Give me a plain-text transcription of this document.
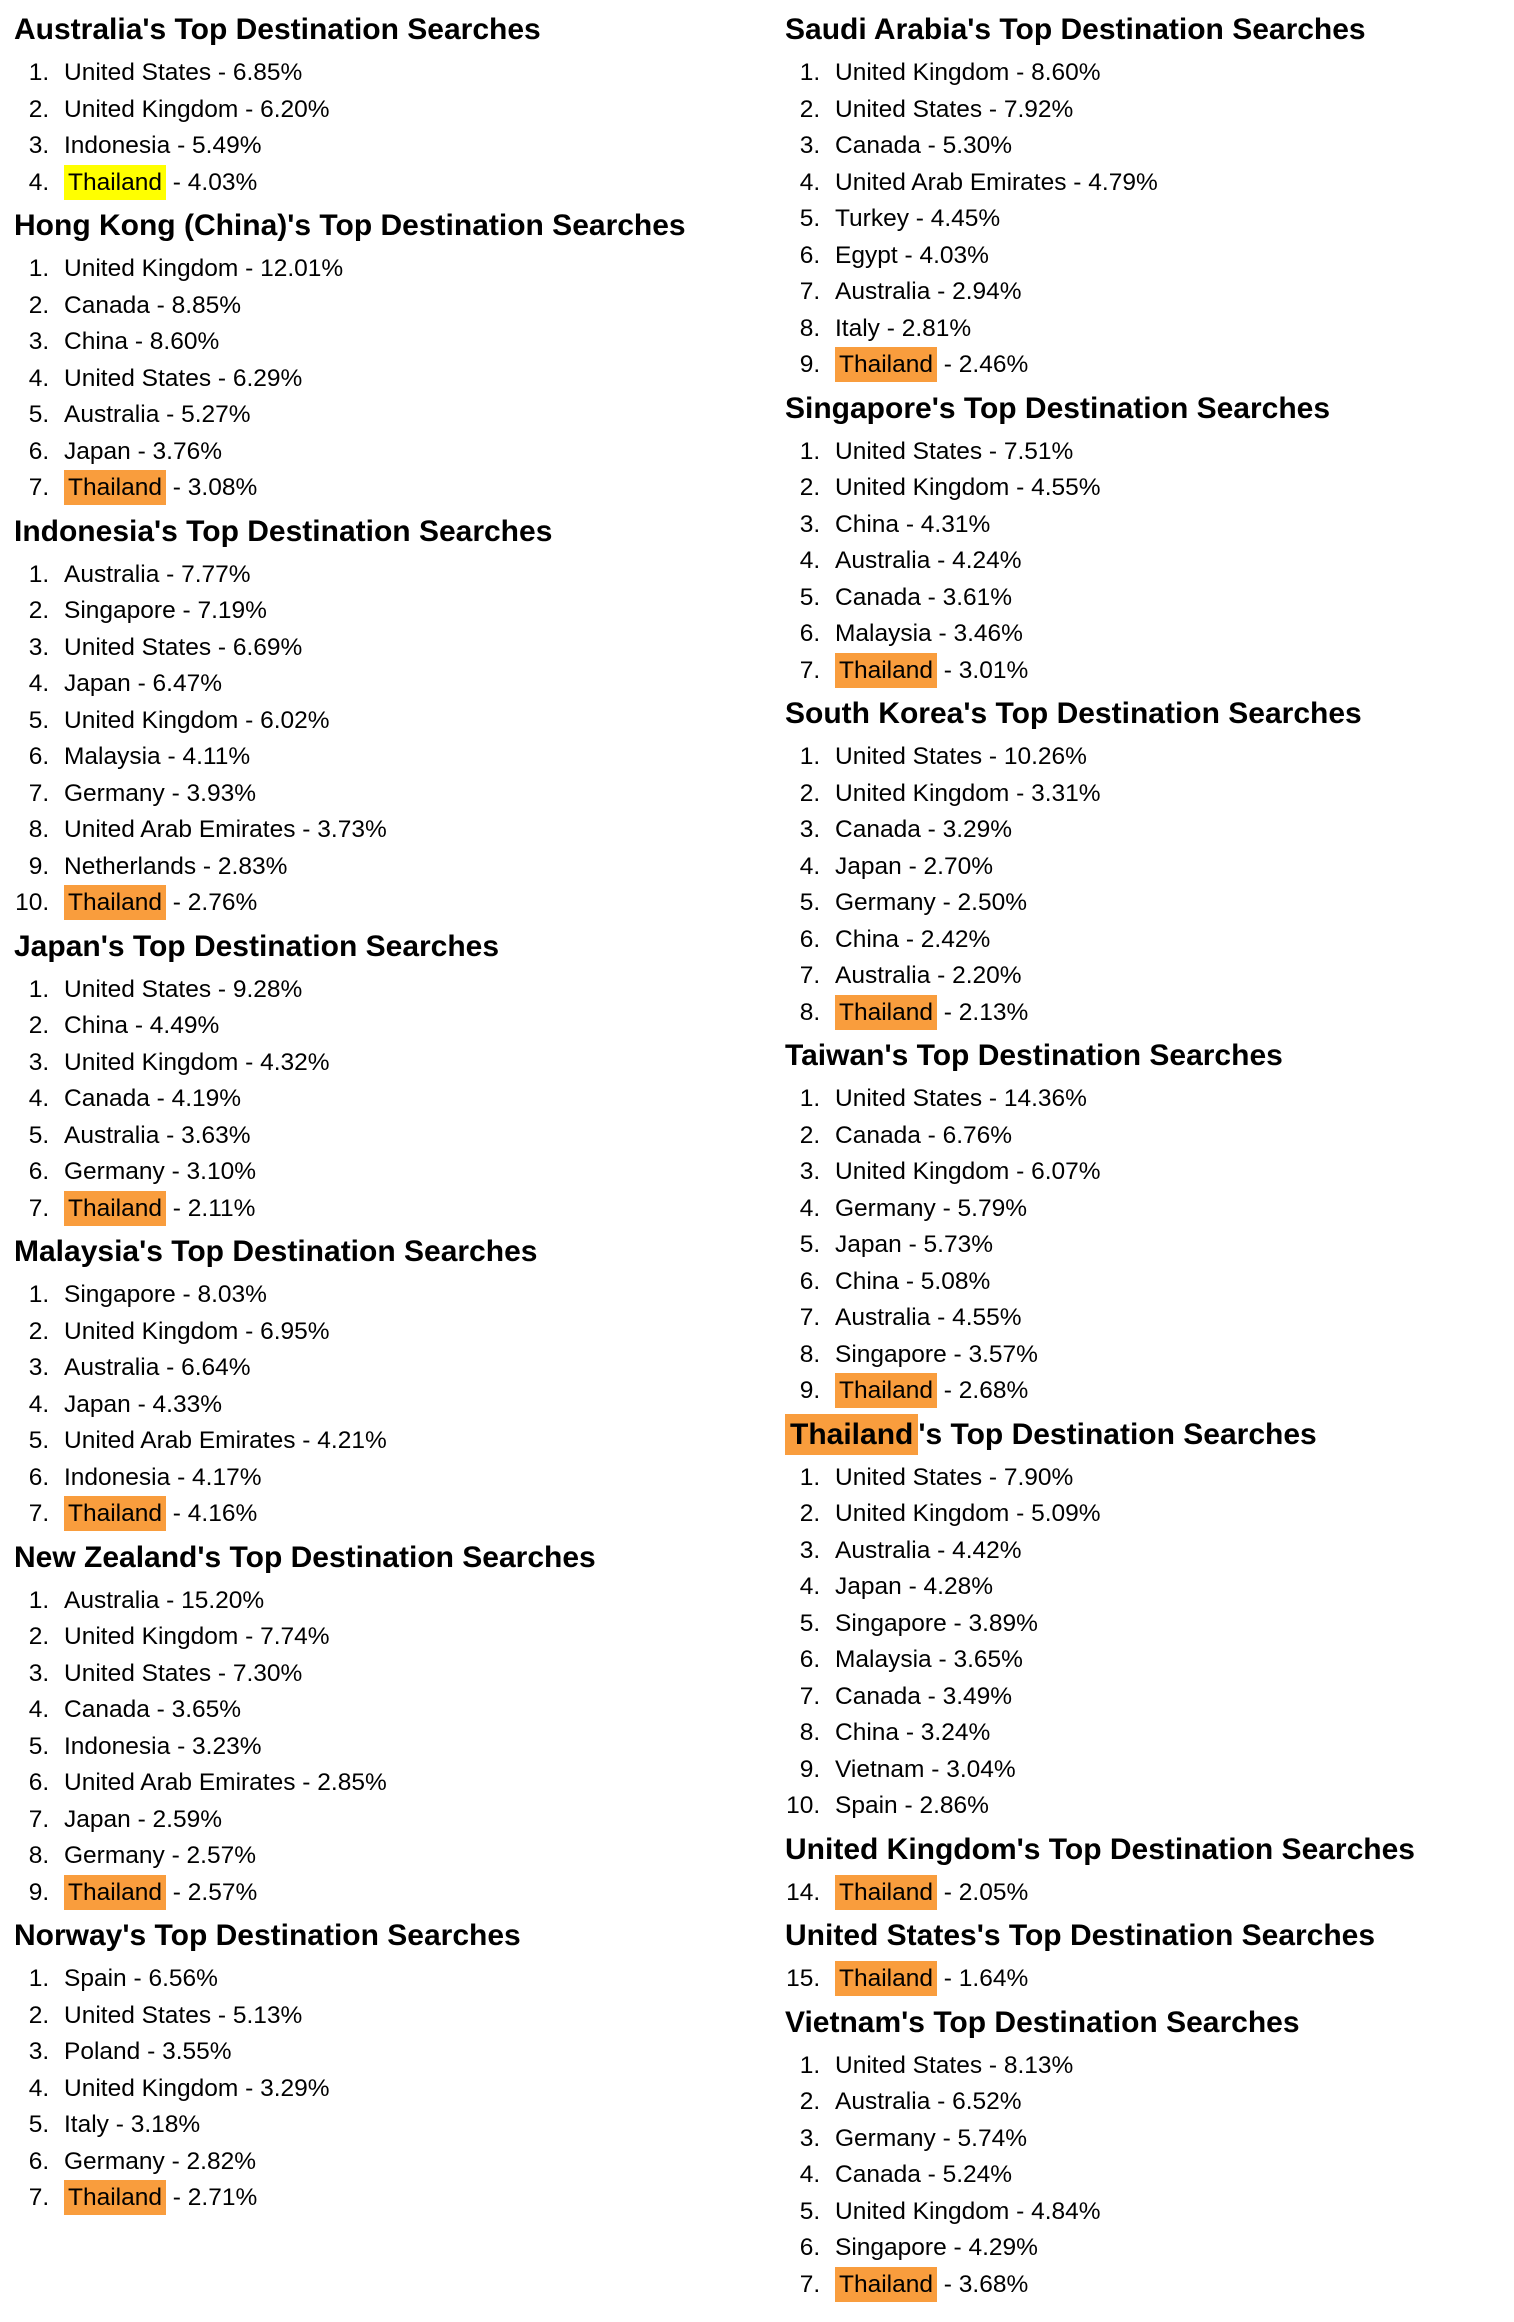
Australia's Top Destination Searches
1. United States - 6.85%
2. United Kingdom - 6.20%
3. Indonesia - 5.49%
4. Thailand - 4.03%
Hong Kong (China)'s Top Destination Searches
1. United Kingdom - 12.01%
2. Canada - 8.85%
3. China - 8.60%
4. United States - 6.29%
5. Australia - 5.27%
6. Japan - 3.76%
7. Thailand - 3.08%
Indonesia's Top Destination Searches
1. Australia - 7.77%
2. Singapore - 7.19%
3. United States - 6.69%
4. Japan - 6.47%
5. United Kingdom - 6.02%
6. Malaysia - 4.11%
7. Germany - 3.93%
8. United Arab Emirates - 3.73%
9. Netherlands - 2.83%
10. Thailand - 2.76%
Japan's Top Destination Searches
1. United States - 9.28%
2. China - 4.49%
3. United Kingdom - 4.32%
4. Canada - 4.19%
5. Australia - 3.63%
6. Germany - 3.10%
7. Thailand - 2.11%
Malaysia's Top Destination Searches
1. Singapore - 8.03%
2. United Kingdom - 6.95%
3. Australia - 6.64%
4. Japan - 4.33%
5. United Arab Emirates - 4.21%
6. Indonesia - 4.17%
7. Thailand - 4.16%
New Zealand's Top Destination Searches
1. Australia - 15.20%
2. United Kingdom - 7.74%
3. United States - 7.30%
4. Canada - 3.65%
5. Indonesia - 3.23%
6. United Arab Emirates - 2.85%
7. Japan - 2.59%
8. Germany - 2.57%
9. Thailand - 2.57%
Norway's Top Destination Searches
1. Spain - 6.56%
2. United States - 5.13%
3. Poland - 3.55%
4. United Kingdom - 3.29%
5. Italy - 3.18%
6. Germany - 2.82%
7. Thailand - 2.71%
Saudi Arabia's Top Destination Searches
1. United Kingdom - 8.60%
2. United States - 7.92%
3. Canada - 5.30%
4. United Arab Emirates - 4.79%
5. Turkey - 4.45%
6. Egypt - 4.03%
7. Australia - 2.94%
8. Italy - 2.81%
9. Thailand - 2.46%
Singapore's Top Destination Searches
1. United States - 7.51%
2. United Kingdom - 4.55%
3. China - 4.31%
4. Australia - 4.24%
5. Canada - 3.61%
6. Malaysia - 3.46%
7. Thailand - 3.01%
South Korea's Top Destination Searches
1. United States - 10.26%
2. United Kingdom - 3.31%
3. Canada - 3.29%
4. Japan - 2.70%
5. Germany - 2.50%
6. China - 2.42%
7. Australia - 2.20%
8. Thailand - 2.13%
Taiwan's Top Destination Searches
1. United States - 14.36%
2. Canada - 6.76%
3. United Kingdom - 6.07%
4. Germany - 5.79%
5. Japan - 5.73%
6. China - 5.08%
7. Australia - 4.55%
8. Singapore - 3.57%
9. Thailand - 2.68%
Thailand 's Top Destination Searches
1. United States - 7.90%
2. United Kingdom - 5.09%
3. Australia - 4.42%
4. Japan - 4.28%
5. Singapore - 3.89%
6. Malaysia - 3.65%
7. Canada - 3.49%
8. China - 3.24%
9. Vietnam - 3.04%
10. Spain - 2.86%
United Kingdom's Top Destination Searches
14. Thailand - 2.05%
United States's Top Destination Searches
15. Thailand - 1.64%
Vietnam's Top Destination Searches
1. United States - 8.13%
2. Australia - 6.52%
3. Germany - 5.74%
4. Canada - 5.24%
5. United Kingdom - 4.84%
6. Singapore - 4.29%
7. Thailand - 3.68%
